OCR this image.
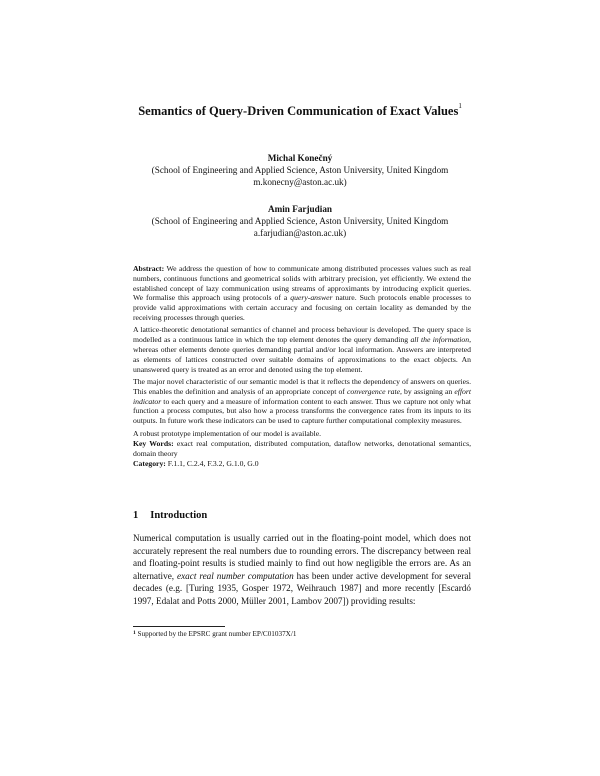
Semantics of Query-Driven Communication of Exact Values$^1$
Michal Konečný
(School of Engineering and Applied Science, Aston University, United Kingdom
m.konecny@aston.ac.uk)
Amin Farjudian
(School of Engineering and Applied Science, Aston University, United Kingdom
a.farjudian@aston.ac.uk)

Abstract: We address the question of how to communicate among distributed processes values such as real numbers, continuous functions and geometrical solids with arbitrary precision, yet efficiently. We extend the established concept of lazy communication using streams of approximants by introducing explicit queries. We formalise this approach using protocols of a query-answer nature. Such protocols enable processes to provide valid approximations with certain accuracy and focusing on certain locality as demanded by the receiving processes through queries.

A lattice-theoretic denotational semantics of channel and process behaviour is developed. The query space is modelled as a continuous lattice in which the top element denotes the query demanding all the information, whereas other elements denote queries demanding partial and/or local information. Answers are interpreted as elements of lattices constructed over suitable domains of approximations to the exact objects. An unanswered query is treated as an error and denoted using the top element.

The major novel characteristic of our semantic model is that it reflects the dependency of answers on queries. This enables the definition and analysis of an appropriate concept of convergence rate, by assigning an effort indicator to each query and a measure of information content to each answer. Thus we capture not only what function a process computes, but also how a process transforms the convergence rates from its inputs to its outputs. In future work these indicators can be used to capture further computational complexity measures.

A robust prototype implementation of our model is available.

Key Words: exact real computation, distributed computation, dataflow networks, denotational semantics, domain theory

Category: F.1.1, C.2.4, F.3.2, G.1.0, G.0

1 Introduction

Numerical computation is usually carried out in the floating-point model, which does not accurately represent the real numbers due to rounding errors. The discrepancy between real and floating-point results is studied mainly to find out how negligible the errors are. As an alternative, exact real number computation has been under active development for several decades (e.g. [Turing 1935, Gosper 1972, Weihrauch 1987] and more recently [Escardó 1997, Edalat and Potts 2000, Müller 2001, Lambov 2007]) providing results:

$^1$ Supported by the EPSRC grant number EP/C01037X/1
